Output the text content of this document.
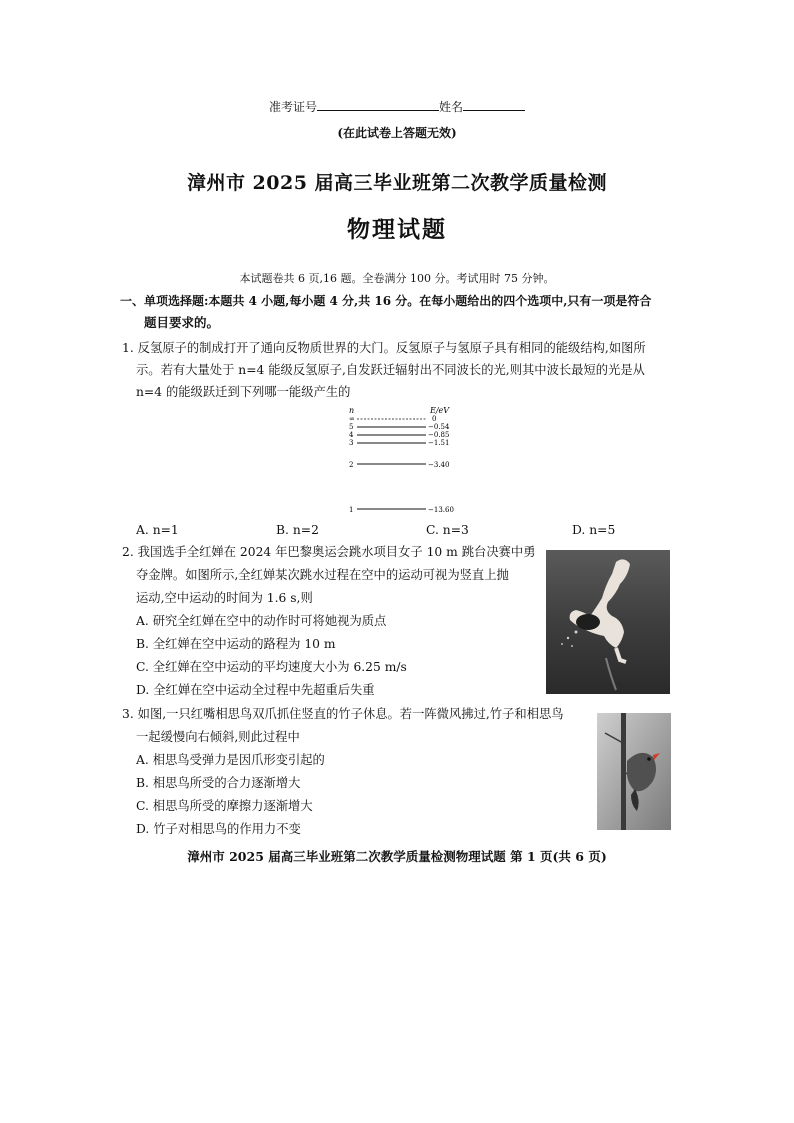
准考证号	姓名
(在此试卷上答题无效)
漳州市 2025 届高三毕业班第二次教学质量检测
物理试题
本试题卷共 6 页,16 题。全卷满分 100 分。考试用时 75 分钟。
一、单项选择题:本题共 4 小题,每小题 4 分,共 16 分。在每小题给出的四个选项中,只有一项是符合
题目要求的。
1. 反氢原子的制成打开了通向反物质世界的大门。反氢原子与氢原子具有相同的能级结构,如图所
示。若有大量处于 n=4 能级反氢原子,自发跃迁辐射出不同波长的光,则其中波长最短的光是从
n=4 的能级跃迁到下列哪一能级产生的
n	E/eV
∞	0
5	−0.54
4	−0.85
3	−1.51
2	−3.40
1	−13.60
A. n=1	B. n=2	C. n=3	D. n=5
2. 我国选手全红婵在 2024 年巴黎奥运会跳水项目女子 10 m 跳台决赛中勇
夺金牌。如图所示,全红婵某次跳水过程在空中的运动可视为竖直上抛
运动,空中运动的时间为 1.6 s,则
A. 研究全红婵在空中的动作时可将她视为质点
B. 全红婵在空中运动的路程为 10 m
C. 全红婵在空中运动的平均速度大小为 6.25 m/s
D. 全红婵在空中运动全过程中先超重后失重
3. 如图,一只红嘴相思鸟双爪抓住竖直的竹子休息。若一阵微风拂过,竹子和相思鸟
一起缓慢向右倾斜,则此过程中
A. 相思鸟受弹力是因爪形变引起的
B. 相思鸟所受的合力逐渐增大
C. 相思鸟所受的摩擦力逐渐增大
D. 竹子对相思鸟的作用力不变
漳州市 2025 届高三毕业班第二次教学质量检测物理试题 第 1 页(共 6 页)
